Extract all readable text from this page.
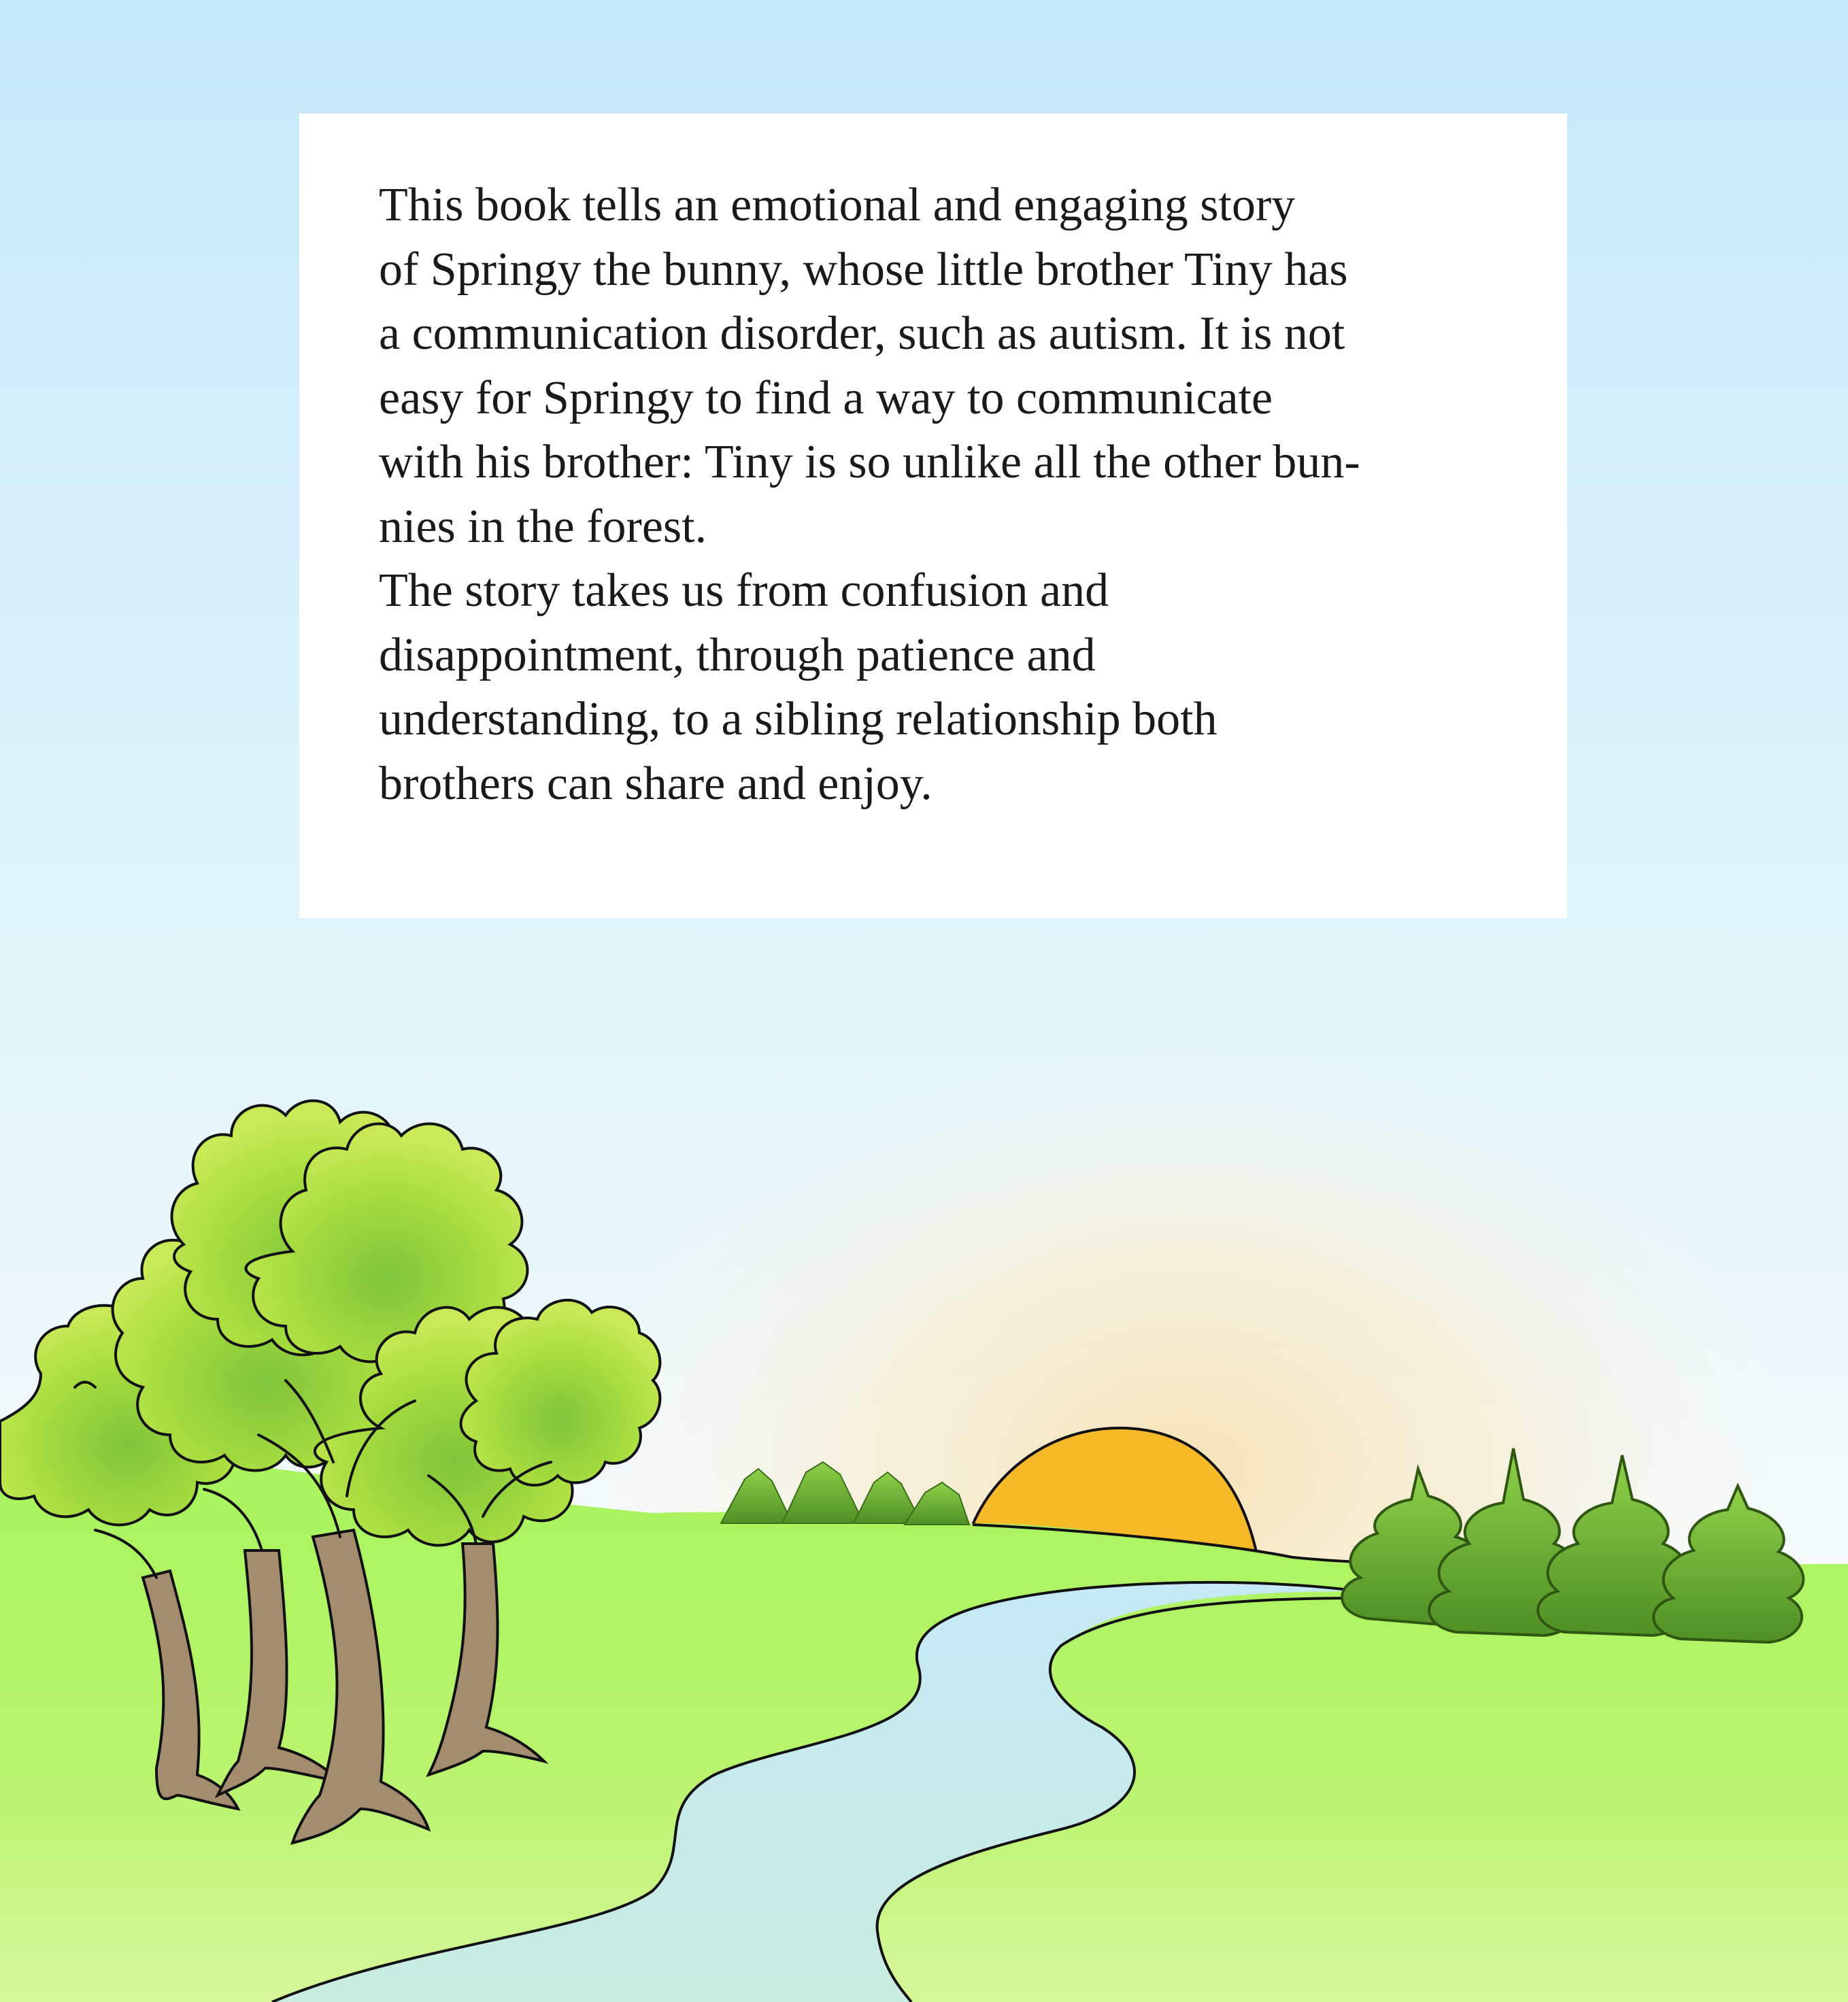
This book tells an emotional and engaging story
of Springy the bunny, whose little brother Tiny has
a communication disorder, such as autism. It is not
easy for Springy to find a way to communicate
with his brother: Tiny is so unlike all the other bun-
nies in the forest.
The story takes us from confusion and
disappointment, through patience and
understanding, to a sibling relationship both
brothers can share and enjoy.
